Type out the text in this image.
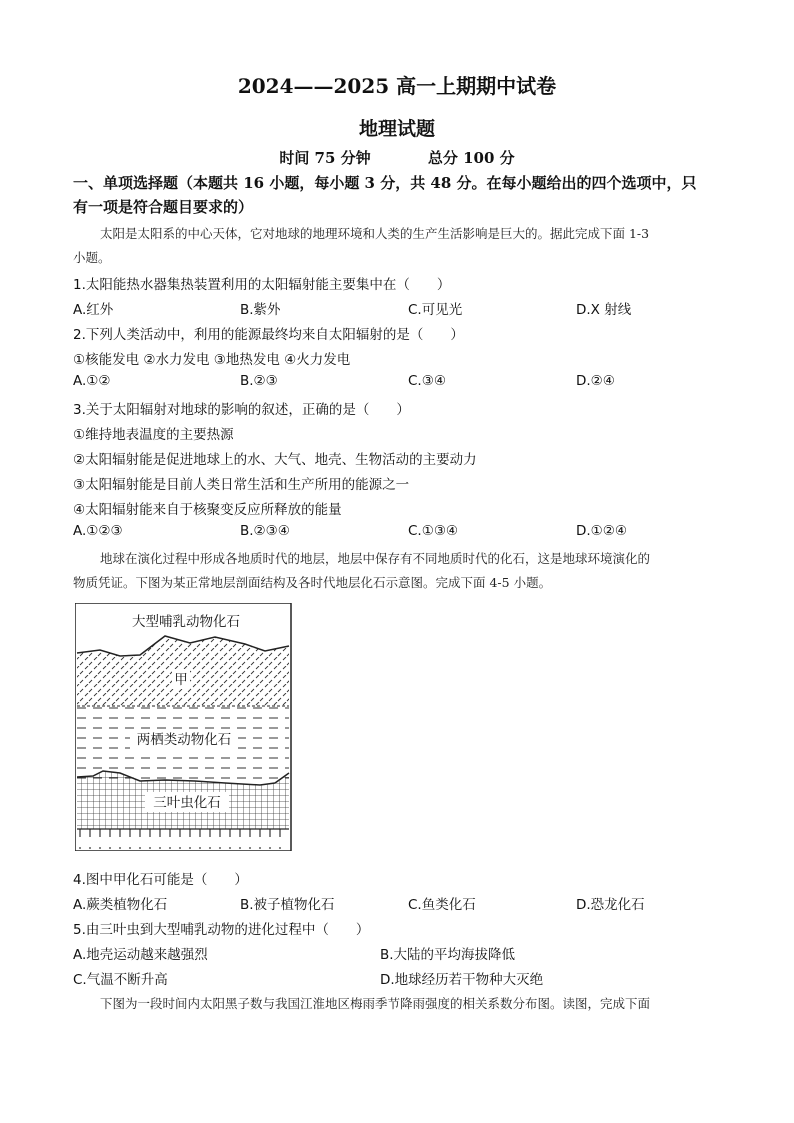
2024——2025 高一上期期中试卷
地理试题
时间 75 分钟	总分 100 分
一、单项选择题（本题共 16 小题，每小题 3 分，共 48 分。在每小题给出的四个选项中，只
有一项是符合题目要求的）
太阳是太阳系的中心天体，它对地球的地理环境和人类的生产生活影响是巨大的。据此完成下面 1-3
小题。
1.太阳能热水器集热装置利用的太阳辐射能主要集中在（　　）
A.红外	B.紫外	C.可见光	D.X 射线
2.下列人类活动中，利用的能源最终均来自太阳辐射的是（　　）
①核能发电 ②水力发电 ③地热发电 ④火力发电
A.①②	B.②③	C.③④	D.②④
3.关于太阳辐射对地球的影响的叙述，正确的是（　　）
①维持地表温度的主要热源
②太阳辐射能是促进地球上的水、大气、地壳、生物活动的主要动力
③太阳辐射能是目前人类日常生活和生产所用的能源之一
④太阳辐射能来自于核聚变反应所释放的能量
A.①②③	B.②③④	C.①③④	D.①②④
地球在演化过程中形成各地质时代的地层，地层中保存有不同地质时代的化石，这是地球环境演化的
物质凭证。下图为某正常地层剖面结构及各时代地层化石示意图。完成下面 4-5 小题。
大型哺乳动物化石
甲
两栖类动物化石
三叶虫化石
4.图中甲化石可能是（　　）
A.蕨类植物化石	B.被子植物化石	C.鱼类化石	D.恐龙化石
5.由三叶虫到大型哺乳动物的进化过程中（　　）
A.地壳运动越来越强烈	B.大陆的平均海拔降低
C.气温不断升高	D.地球经历若干物种大灭绝
下图为一段时间内太阳黑子数与我国江淮地区梅雨季节降雨强度的相关系数分布图。读图，完成下面
